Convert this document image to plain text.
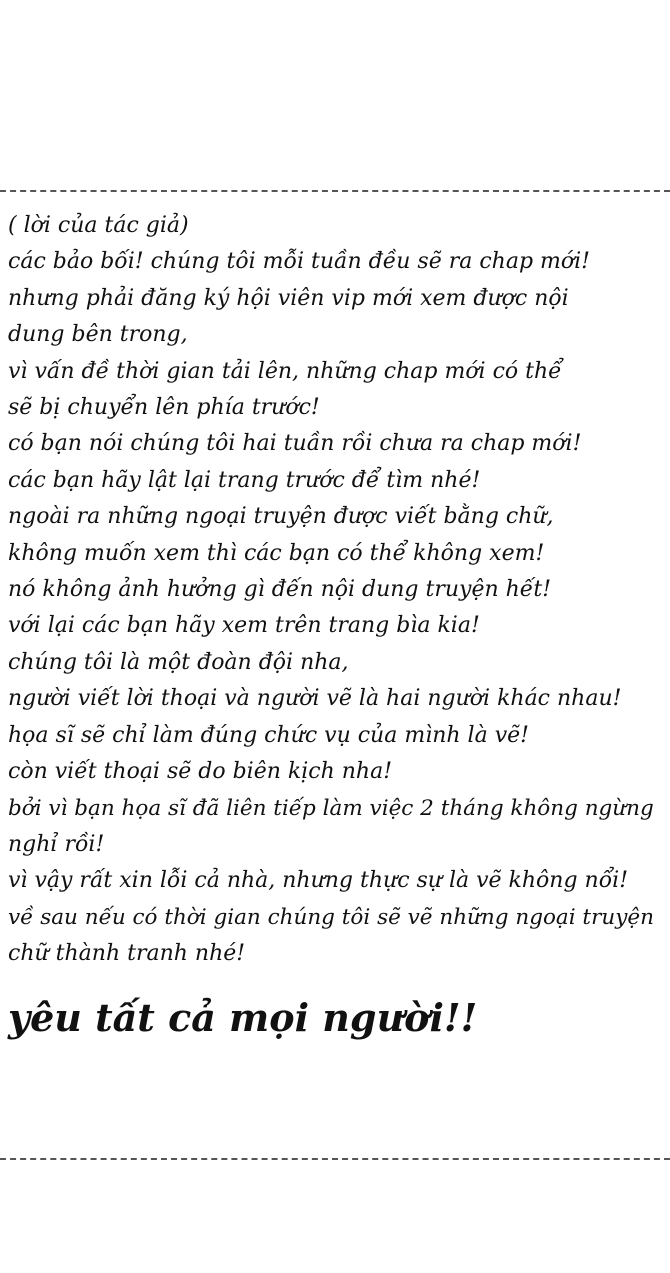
( lời của tác giả)
các bảo bối! chúng tôi mỗi tuần đều sẽ ra chap mới!
nhưng phải đăng ký hội viên vip mới xem được nội
dung bên trong,
vì vấn đề thời gian tải lên, những chap mới có thể
sẽ bị chuyển lên phía trước!
có bạn nói chúng tôi hai tuần rồi chưa ra chap mới!
các bạn hãy lật lại trang trước để tìm nhé!
ngoài ra những ngoại truyện được viết bằng chữ,
không muốn xem thì các bạn có thể không xem!
nó không ảnh hưởng gì đến nội dung truyện hết!
với lại các bạn hãy xem trên trang bìa kia!
chúng tôi là một đoàn đội nha,
người viết lời thoại và người vẽ là hai người khác nhau!
họa sĩ sẽ chỉ làm đúng chức vụ của mình là vẽ!
còn viết thoại sẽ do biên kịch nha!
bởi vì bạn họa sĩ đã liên tiếp làm việc 2 tháng không ngừng
nghỉ rồi!
vì vậy rất xin lỗi cả nhà, nhưng thực sự là vẽ không nổi!
về sau nếu có thời gian chúng tôi sẽ vẽ những ngoại truyện
chữ thành tranh nhé!
yêu tất cả mọi người!!
